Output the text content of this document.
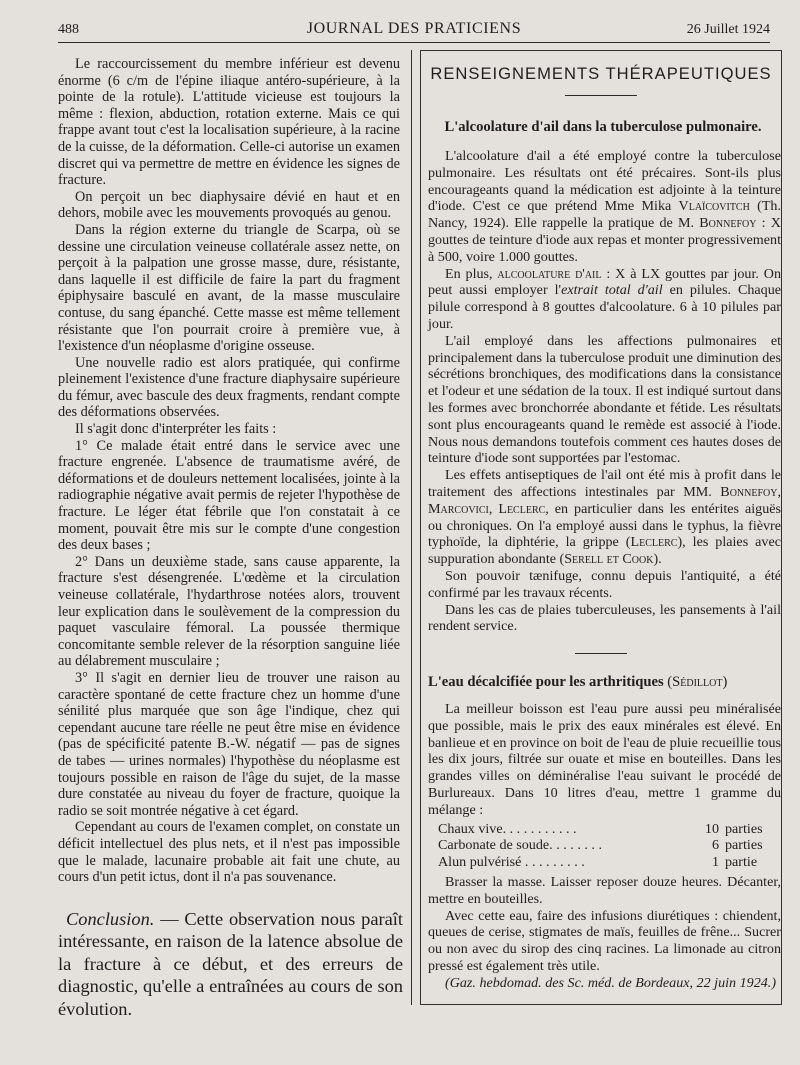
488	JOURNAL DES PRATICIENS	26 Juillet 1924

Le raccourcissement du membre inférieur est devenu énorme (6 c/m de l'épine iliaque antéro-supérieure, à la pointe de la rotule). L'attitude vicieuse est toujours la même : flexion, abduction, rotation externe. Mais ce qui frappe avant tout c'est la localisation supérieure, à la racine de la cuisse, de la déformation. Celle-ci autorise un examen discret qui va permettre de mettre en évidence les signes de fracture.

On perçoit un bec diaphysaire dévié en haut et en dehors, mobile avec les mouvements provoqués au genou.

Dans la région externe du triangle de Scarpa, où se dessine une circulation veineuse collatérale assez nette, on perçoit à la palpation une grosse masse, dure, résistante, dans laquelle il est difficile de faire la part du fragment épiphysaire basculé en avant, de la masse musculaire contuse, du sang épanché. Cette masse est même tellement résistante que l'on pourrait croire à première vue, à l'existence d'un néoplasme d'origine osseuse.

Une nouvelle radio est alors pratiquée, qui confirme pleinement l'existence d'une fracture diaphysaire supérieure du fémur, avec bascule des deux fragments, rendant compte des déformations observées.

Il s'agit donc d'interpréter les faits :

1° Ce malade était entré dans le service avec une fracture engrenée. L'absence de traumatisme avéré, de déformations et de douleurs nettement localisées, jointe à la radiographie négative avait permis de rejeter l'hypothèse de fracture. Le léger état fébrile que l'on constatait à ce moment, pouvait être mis sur le compte d'une congestion des deux bases ;

2° Dans un deuxième stade, sans cause apparente, la fracture s'est désengrenée. L'œdème et la circulation veineuse collatérale, l'hydarthrose notées alors, trouvent leur explication dans le soulèvement de la compression du paquet vasculaire fémoral. La poussée thermique concomitante semble relever de la résorption sanguine liée au délabrement musculaire ;

3° Il s'agit en dernier lieu de trouver une raison au caractère spontané de cette fracture chez un homme d'une sénilité plus marquée que son âge l'indique, chez qui cependant aucune tare réelle ne peut être mise en évidence (pas de spécificité patente B.-W. négatif — pas de signes de tabes — urines normales) l'hypothèse du néoplasme est toujours possible en raison de l'âge du sujet, de la masse dure constatée au niveau du foyer de fracture, quoique la radio se soit montrée négative à cet égard.

Cependant au cours de l'examen complet, on constate un déficit intellectuel des plus nets, et il n'est pas impossible que le malade, lacunaire probable ait fait une chute, au cours d'un petit ictus, dont il n'a pas souvenance.

Conclusion. — Cette observation nous paraît intéressante, en raison de la latence absolue de la fracture à ce début, et des erreurs de diagnostic, qu'elle a entraînées au cours de son évolution.

RENSEIGNEMENTS THÉRAPEUTIQUES

L'alcoolature d'ail dans la tuberculose pulmonaire.

L'alcoolature d'ail a été employé contre la tuberculose pulmonaire. Les résultats ont été précaires. Sont-ils plus encourageants quand la médication est adjointe à la teinture d'iode. C'est ce que prétend Mme Mika Vlaïcovitch (Th. Nancy, 1924). Elle rappelle la pratique de M. Bonnefoy : X gouttes de teinture d'iode aux repas et monter progressivement à 500, voire 1.000 gouttes.

En plus, alcoolature d'ail : X à LX gouttes par jour. On peut aussi employer l'extrait total d'ail en pilules. Chaque pilule correspond à 8 gouttes d'alcoolature. 6 à 10 pilules par jour.

L'ail employé dans les affections pulmonaires et principalement dans la tuberculose produit une diminution des sécrétions bronchiques, des modifications dans la consistance et l'odeur et une sédation de la toux. Il est indiqué surtout dans les formes avec bronchorrée abondante et fétide. Les résultats sont plus encourageants quand le remède est associé à l'iode. Nous nous demandons toutefois comment ces hautes doses de teinture d'iode sont supportées par l'estomac.

Les effets antiseptiques de l'ail ont été mis à profit dans le traitement des affections intestinales par MM. Bonnefoy, Marcovici, Leclerc, en particulier dans les entérites aiguës ou chroniques. On l'a employé aussi dans le typhus, la fièvre typhoïde, la diphtérie, la grippe (Leclerc), les plaies avec suppuration abondante (Serell et Cook).

Son pouvoir tænifuge, connu depuis l'antiquité, a été confirmé par les travaux récents.

Dans les cas de plaies tuberculeuses, les pansements à l'ail rendent service.

L'eau décalcifiée pour les arthritiques (Sédillot)

La meilleur boisson est l'eau pure aussi peu minéralisée que possible, mais le prix des eaux minérales est élevé. En banlieue et en province on boit de l'eau de pluie recueillie tous les dix jours, filtrée sur ouate et mise en bouteilles. Dans les grandes villes on déminéralise l'eau suivant le procédé de Burlureaux. Dans 10 litres d'eau, mettre 1 gramme du mélange :

Chaux vive. . . . . . . . . . .	10 parties
Carbonate de soude. . . . . . . .	6 parties
Alun pulvérisé . . . . . . . . .	1 partie

Brasser la masse. Laisser reposer douze heures. Décanter, mettre en bouteilles.

Avec cette eau, faire des infusions diurétiques : chiendent, queues de cerise, stigmates de maïs, feuilles de frêne... Sucrer ou non avec du sirop des cinq racines. La limonade au citron pressé est également très utile.

(Gaz. hebdomad. des Sc. méd. de Bordeaux, 22 juin 1924.)
